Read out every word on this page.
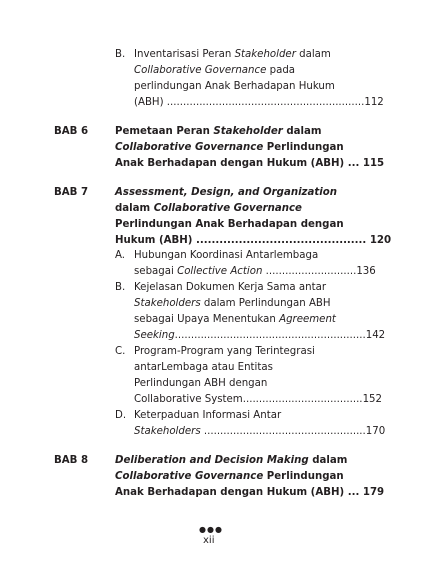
B. Inventarisasi Peran Stakeholder dalam
Collaborative Governance pada
perlindungan Anak Berhadapan Hukum
(ABH) .............................................................112
BAB 6	Pemetaan Peran Stakeholder dalam
Collaborative Governance Perlindungan
Anak Berhadapan dengan Hukum (ABH) ... 115
BAB 7	Assessment, Design, and Organization
dalam Collaborative Governance
Perlindungan Anak Berhadapan dengan
Hukum (ABH) ............................................ 120
A. Hubungan Koordinasi Antarlembaga
sebagai Collective Action ............................136
B. Kejelasan Dokumen Kerja Sama antar
Stakeholders dalam Perlindungan ABH
sebagai Upaya Menentukan Agreement
Seeking...........................................................142
C. Program-Program yang Terintegrasi
antarLembaga atau Entitas
Perlindungan ABH dengan
Collaborative System.....................................152
D. Keterpaduan Informasi Antar
Stakeholders ..................................................170
BAB 8	Deliberation and Decision Making dalam
Collaborative Governance Perlindungan
Anak Berhadapan dengan Hukum (ABH) ... 179
●●●
xii
